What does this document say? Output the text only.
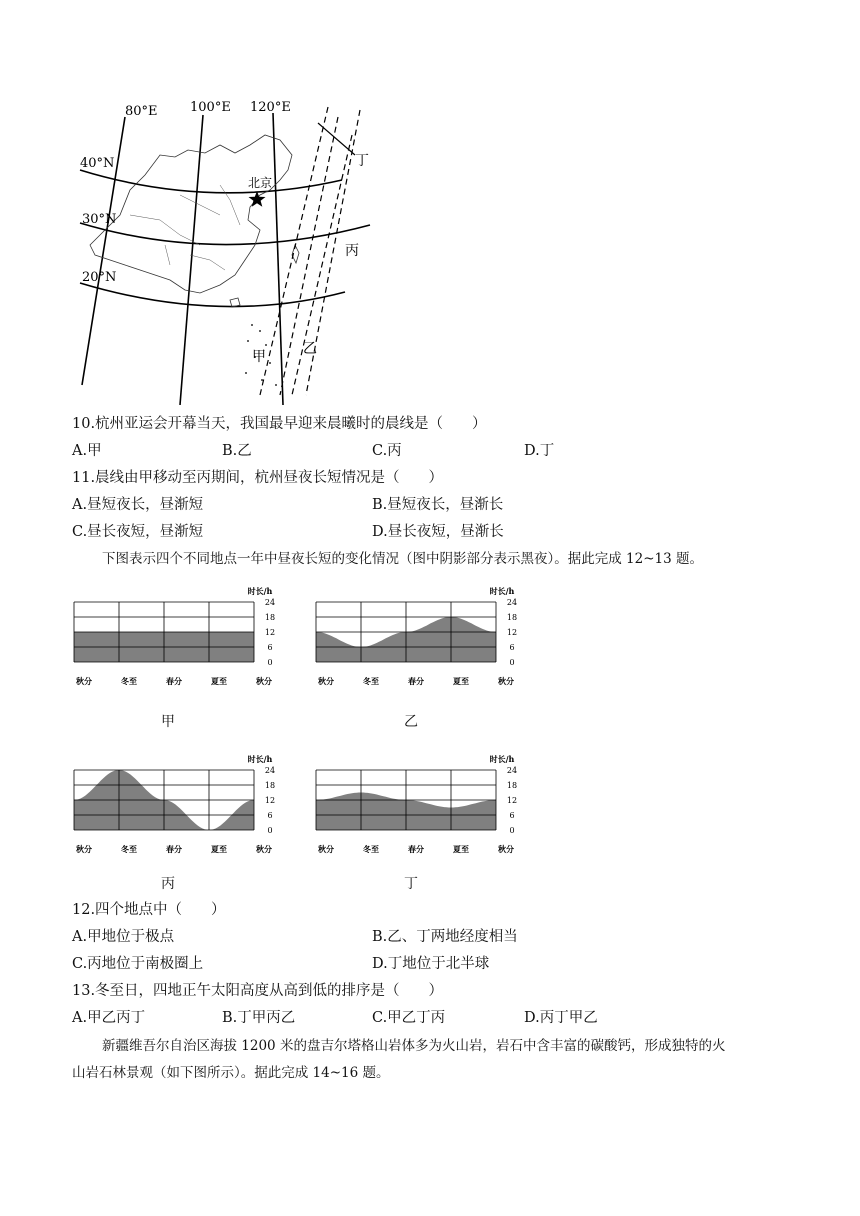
80°E 100°E 120°E
40°N
30°N
20°N
北京
甲	乙
丙
丁
10.杭州亚运会开幕当天，我国最早迎来晨曦时的晨线是（　　）
A.甲	B.乙	C.丙	D.丁
11.晨线由甲移动至丙期间，杭州昼夜长短情况是（　　）
A.昼短夜长，昼渐短	B.昼短夜长，昼渐长
C.昼长夜短，昼渐短	D.昼长夜短，昼渐长
下图表示四个不同地点一年中昼夜长短的变化情况（图中阴影部分表示黑夜）。据此完成 12~13 题。
24
18
12
6
0
时长/h
秋分	冬至	春分	夏至	秋分
24
18
12
6
0
时长/h
秋分	冬至	春分	夏至	秋分
24
18
12
6
0
时长/h
秋分	冬至	春分	夏至	秋分
24
18
12
6
0
时长/h
秋分	冬至	春分	夏至	秋分
甲	乙
丙	丁
12.四个地点中（　　）
A.甲地位于极点	B.乙、丁两地经度相当
C.丙地位于南极圈上	D.丁地位于北半球
13.冬至日，四地正午太阳高度从高到低的排序是（　　）
A.甲乙丙丁	B.丁甲丙乙	C.甲乙丁丙	D.丙丁甲乙
新疆维吾尔自治区海拔 1200 米的盘吉尔塔格山岩体多为火山岩，岩石中含丰富的碳酸钙，形成独特的火
山岩石林景观（如下图所示）。据此完成 14~16 题。
